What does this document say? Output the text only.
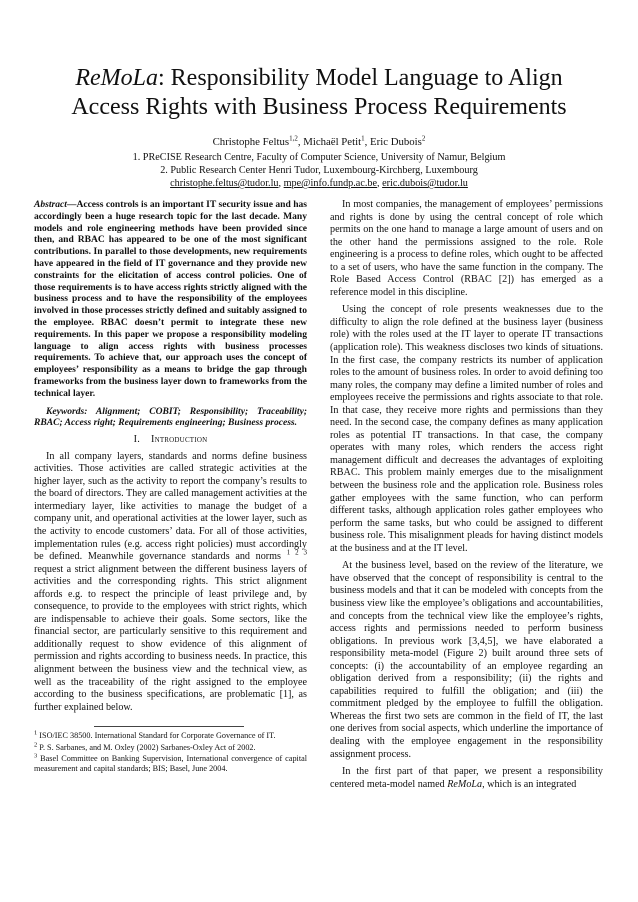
ReMoLa: Responsibility Model Language to Align Access Rights with Business Process Requirements
Christophe Feltus$^{1,2}$, Michaël Petit$^1$, Eric Dubois$^2$
1. PReCISE Research Centre, Faculty of Computer Science, University of Namur, Belgium
2. Public Research Center Henri Tudor, Luxembourg-Kirchberg, Luxembourg
christophe.feltus@tudor.lu, mpe@info.fundp.ac.be, eric.dubois@tudor.lu

Abstract—Access controls is an important IT security issue and has accordingly been a huge research topic for the last decade. Many models and role engineering methods have been provided since then, and RBAC has appeared to be one of the most significant contributions. In parallel to those developments, new requirements have appeared in the field of IT governance and they provide new constraints for the elicitation of access control policies. One of those requirements is to have access rights strictly aligned with the business process and to have the responsibility of the employees involved in those processes strictly defined and suitably assigned to the employee. RBAC doesn’t permit to integrate these new requirements. In this paper we propose a responsibility modeling language to align access rights with business processes requirements. To achieve that, our approach uses the concept of employees’ responsibility as a means to bridge the gap through frameworks from the business layer down to frameworks from the technical layer.

Keywords: Alignment; COBIT; Responsibility; Traceability; RBAC; Access right; Requirements engineering; Business process.

I. Introduction

In all company layers, standards and norms define business activities. Those activities are called strategic activities at the higher layer, such as the activity to report the company’s results to the board of directors. They are called management activities at the intermediary layer, like activities to manage the budget of a company unit, and operational activities at the lower layer, such as the activity to encode customers’ data. For all of those activities, implementation rules (e.g. access right policies) must accordingly be defined. Meanwhile governance standards and norms $^{1 2 3}$ request a strict alignment between the different business layers of activities and the corresponding rights. This strict alignment affords e.g. to respect the principle of least privilege and, by consequence, to provide to the employees with strict rights, which are indispensable to achieve their goals. Some sectors, like the financial sector, are particularly sensitive to this requirement and additionally request to show evidence of this alignment of permission and rights according to business needs. In practice, this alignment between the business view and the technical view, as well as the traceability of the right assigned to the employee according to the business specifications, are problematic [1], as further explained below.

$^1$ ISO/IEC 38500. International Standard for Corporate Governance of IT.

$^2$ P. S. Sarbanes, and M. Oxley (2002) Sarbanes-Oxley Act of 2002.

$^3$ Basel Committee on Banking Supervision, International convergence of capital measurement and capital standards; BIS; Basel, June 2004.

In most companies, the management of employees’ permissions and rights is done by using the central concept of role which permits on the one hand to manage a large amount of users and on the other hand the permissions assigned to the role. Role engineering is a process to define roles, which ought to be affected to a set of users, who have the same function in the company. The Role Based Access Control (RBAC [2]) has emerged as a reference model in this discipline.

Using the concept of role presents weaknesses due to the difficulty to align the role defined at the business layer (business role) with the roles used at the IT layer to operate IT transactions (application role). This weakness discloses two kinds of situations. In the first case, the company restricts its number of application roles to the amount of business roles. In order to avoid defining too many roles, the company may define a limited number of roles and employees receive the permissions and rights associate to that role. In that case, they receive more rights and permissions than they need. In the second case, the company defines as many application roles as potential IT transactions. In that case, the company operates with many roles, which renders the access right management difficult and decreases the advantages of exploiting RBAC. This problem mainly emerges due to the misalignment between the business role and the application role. Business roles gather employees with the same function, who can perform different tasks, although application roles gather employees who perform the same tasks, but who could be assigned to different business role. This misalignment pleads for having distinct models at the business and at the IT level.

At the business level, based on the review of the literature, we have observed that the concept of responsibility is central to the business models and that it can be modeled with concepts from the business view like the employee’s obligations and accountabilities, and concepts from the technical view like the employee’s rights, access rights and permissions needed to perform business obligations. In previous work [3,4,5], we have elaborated a responsibility meta-model (Figure 2) built around three sets of concepts: (i) the accountability of an employee regarding an obligation derived from a responsibility; (ii) the rights and capabilities required to fulfill the obligation; and (iii) the commitment pledged by the employee to fulfill the obligation. Whereas the first two sets are common in the field of IT, the last one derives from social aspects, which underline the importance of dealing with the employee engagement in the responsibility assignment process.

In the first part of that paper, we present a responsibility centered meta-model named ReMoLa, which is an integrated
